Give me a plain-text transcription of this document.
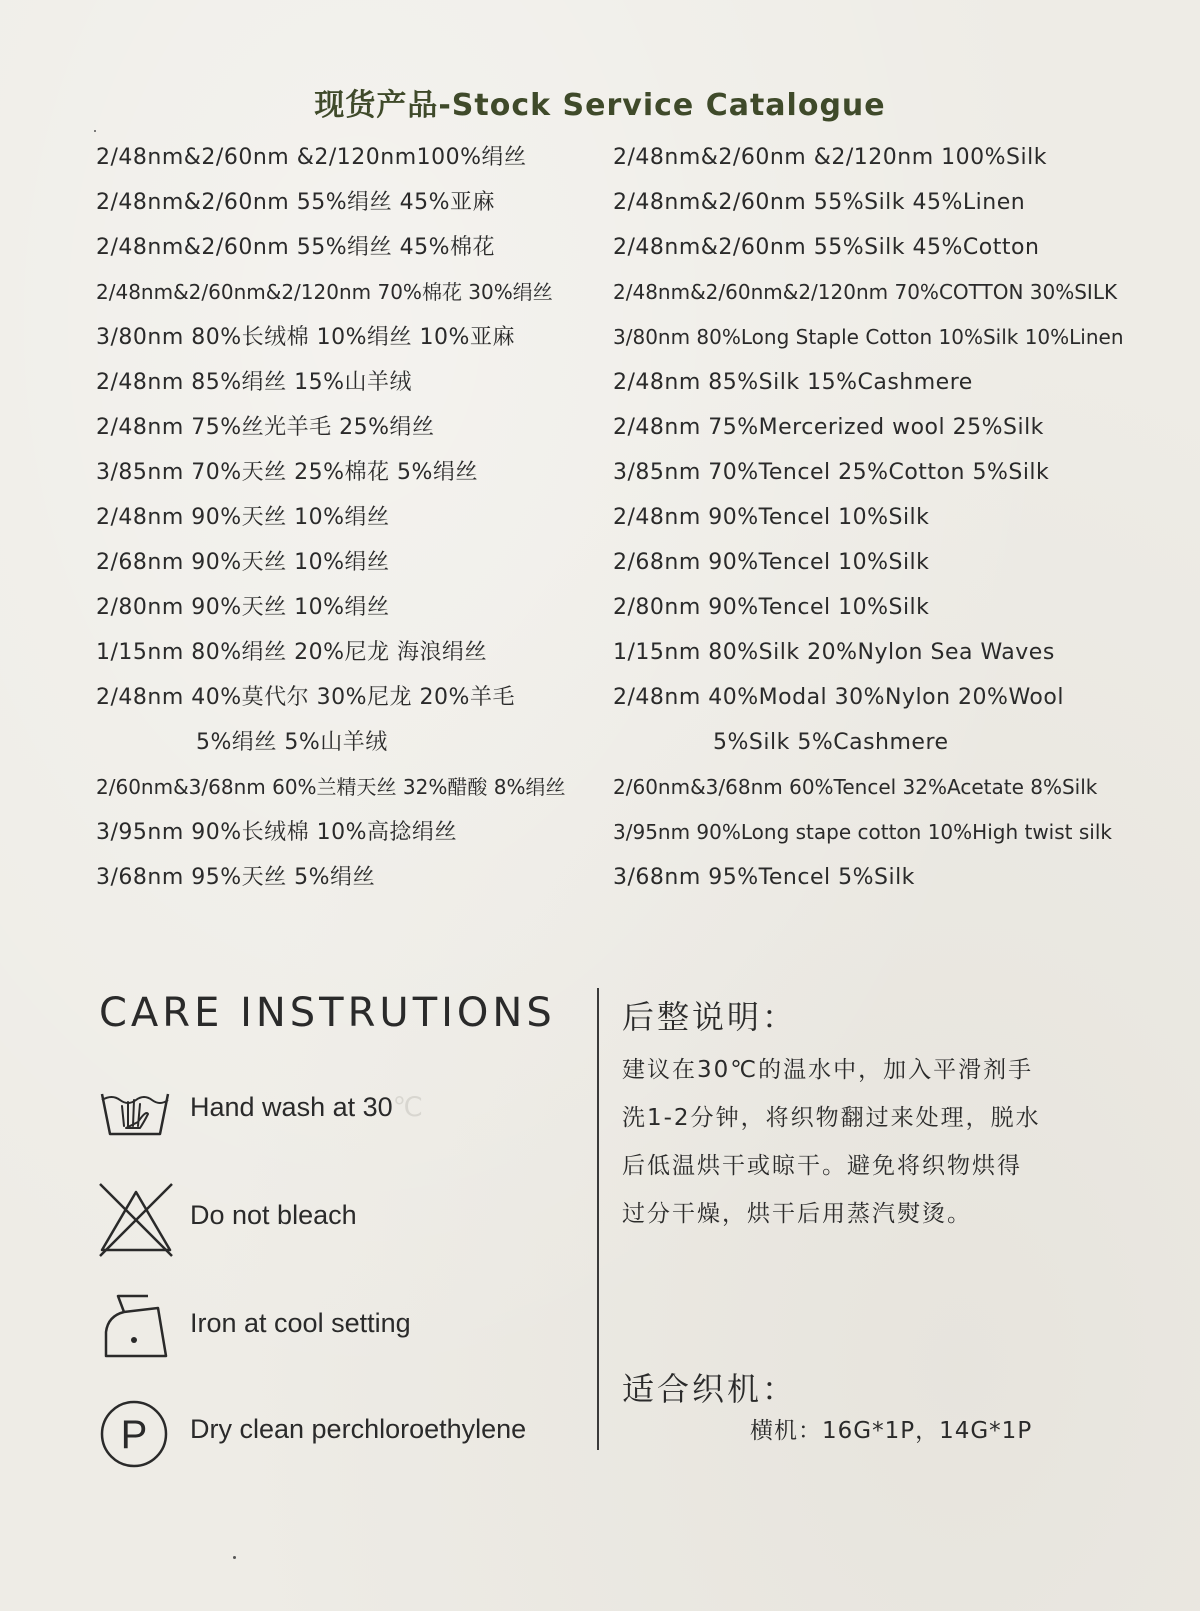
现货产品-Stock Service Catalogue
2/48nm&2/60nm &2/120nm100%绢丝
2/48nm&2/60nm 55%绢丝 45%亚麻
2/48nm&2/60nm 55%绢丝 45%棉花
2/48nm&2/60nm&2/120nm 70%棉花 30%绢丝
3/80nm 80%长绒棉 10%绢丝 10%亚麻
2/48nm 85%绢丝 15%山羊绒
2/48nm 75%丝光羊毛 25%绢丝
3/85nm 70%天丝 25%棉花 5%绢丝
2/48nm 90%天丝 10%绢丝
2/68nm 90%天丝 10%绢丝
2/80nm 90%天丝 10%绢丝
1/15nm 80%绢丝 20%尼龙 海浪绢丝
2/48nm 40%莫代尔 30%尼龙 20%羊毛
5%绢丝 5%山羊绒
2/60nm&3/68nm 60%兰精天丝 32%醋酸 8%绢丝
3/95nm 90%长绒棉 10%高捻绢丝
3/68nm 95%天丝 5%绢丝
2/48nm&2/60nm &2/120nm 100%Silk
2/48nm&2/60nm 55%Silk 45%Linen
2/48nm&2/60nm 55%Silk 45%Cotton
2/48nm&2/60nm&2/120nm 70%COTTON 30%SILK
3/80nm 80%Long Staple Cotton 10%Silk 10%Linen
2/48nm 85%Silk 15%Cashmere
2/48nm 75%Mercerized wool 25%Silk
3/85nm 70%Tencel 25%Cotton 5%Silk
2/48nm 90%Tencel 10%Silk
2/68nm 90%Tencel 10%Silk
2/80nm 90%Tencel 10%Silk
1/15nm 80%Silk 20%Nylon Sea Waves
2/48nm 40%Modal 30%Nylon 20%Wool
5%Silk 5%Cashmere
2/60nm&3/68nm 60%Tencel 32%Acetate 8%Silk
3/95nm 90%Long stape cotton 10%High twist silk
3/68nm 95%Tencel 5%Silk
CARE INSTRUTIONS
Hand wash at 30℃
Do not bleach
Iron at cool setting
P Dry clean perchloroethylene
后整说明：
建议在30℃的温水中，加入平滑剂手
洗1-2分钟，将织物翻过来处理，脱水
后低温烘干或晾干。避免将织物烘得
过分干燥，烘干后用蒸汽熨烫。
适合织机：
横机：16G*1P，14G*1P
